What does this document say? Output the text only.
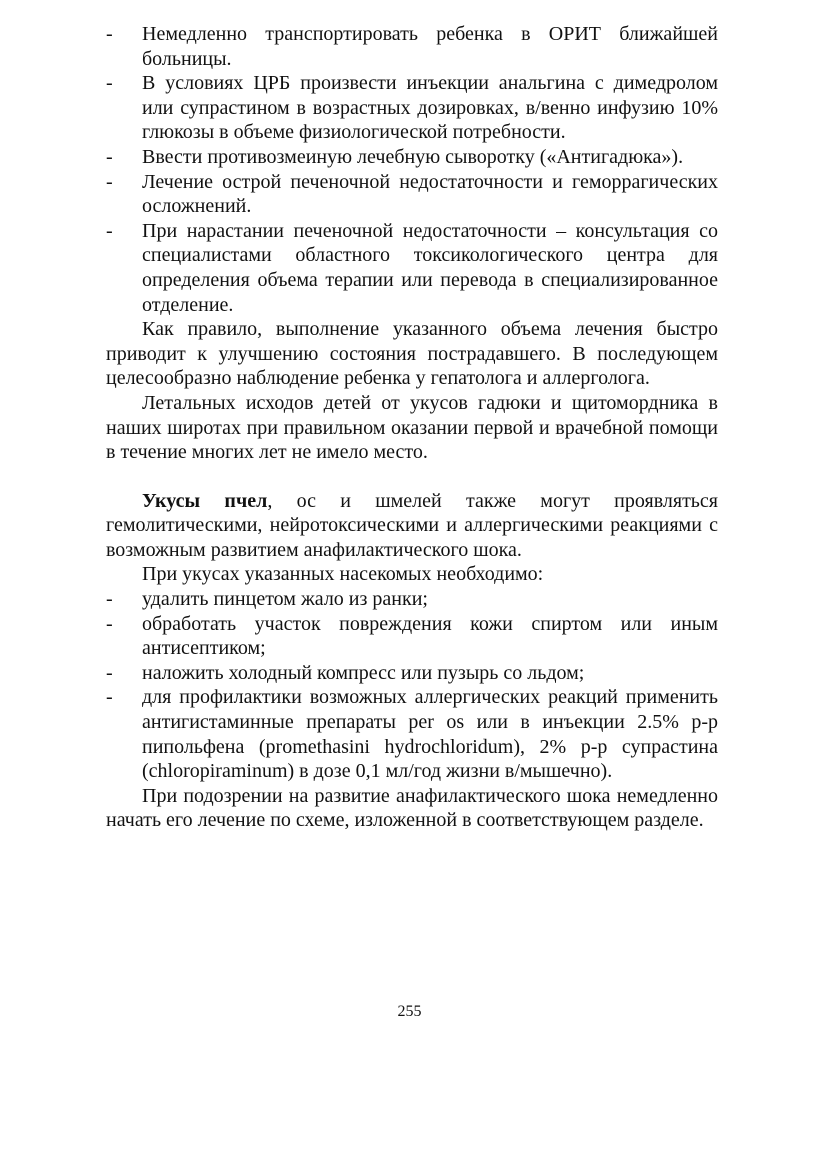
-	Немедленно транспортировать ребенка в ОРИТ ближайшей больницы.
-	В условиях ЦРБ произвести инъекции анальгина с димедролом или супрастином в возрастных дозировках, в/венно инфузию 10% глюкозы в объеме физиологической потребности.
-	Ввести противозмеиную лечебную сыворотку («Антигадюка»).
-	Лечение острой печеночной недостаточности и геморрагических осложнений.
-	При нарастании печеночной недостаточности – консультация со специалистами областного токсикологического центра для определения объема терапии или перевода в специализированное отделение.

Как правило, выполнение указанного объема лечения быстро приводит к улучшению состояния пострадавшего. В последующем целесообразно наблюдение ребенка у гепатолога и аллерголога.

Летальных исходов детей от укусов гадюки и щитомордника в наших широтах при правильном оказании первой и врачебной помощи в течение многих лет не имело место.

Укусы пчел, ос и шмелей также могут проявляться гемолитическими, нейротоксическими и аллергическими реакциями с возможным развитием анафилактического шока.

При укусах указанных насекомых необходимо:

-	удалить пинцетом жало из ранки;
-	обработать участок повреждения кожи спиртом или иным антисептиком;
-	наложить холодный компресс или пузырь со льдом;
-	для профилактики возможных аллергических реакций применить антигистаминные препараты per os или в инъекции 2.5% р-р пипольфена (promethasini hydrochloridum), 2% р-р супрастина (chloropiraminum) в дозе 0,1 мл/год жизни в/мышечно).

При подозрении на развитие анафилактического шока немедленно начать его лечение по схеме, изложенной в соответствующем разделе.

255
